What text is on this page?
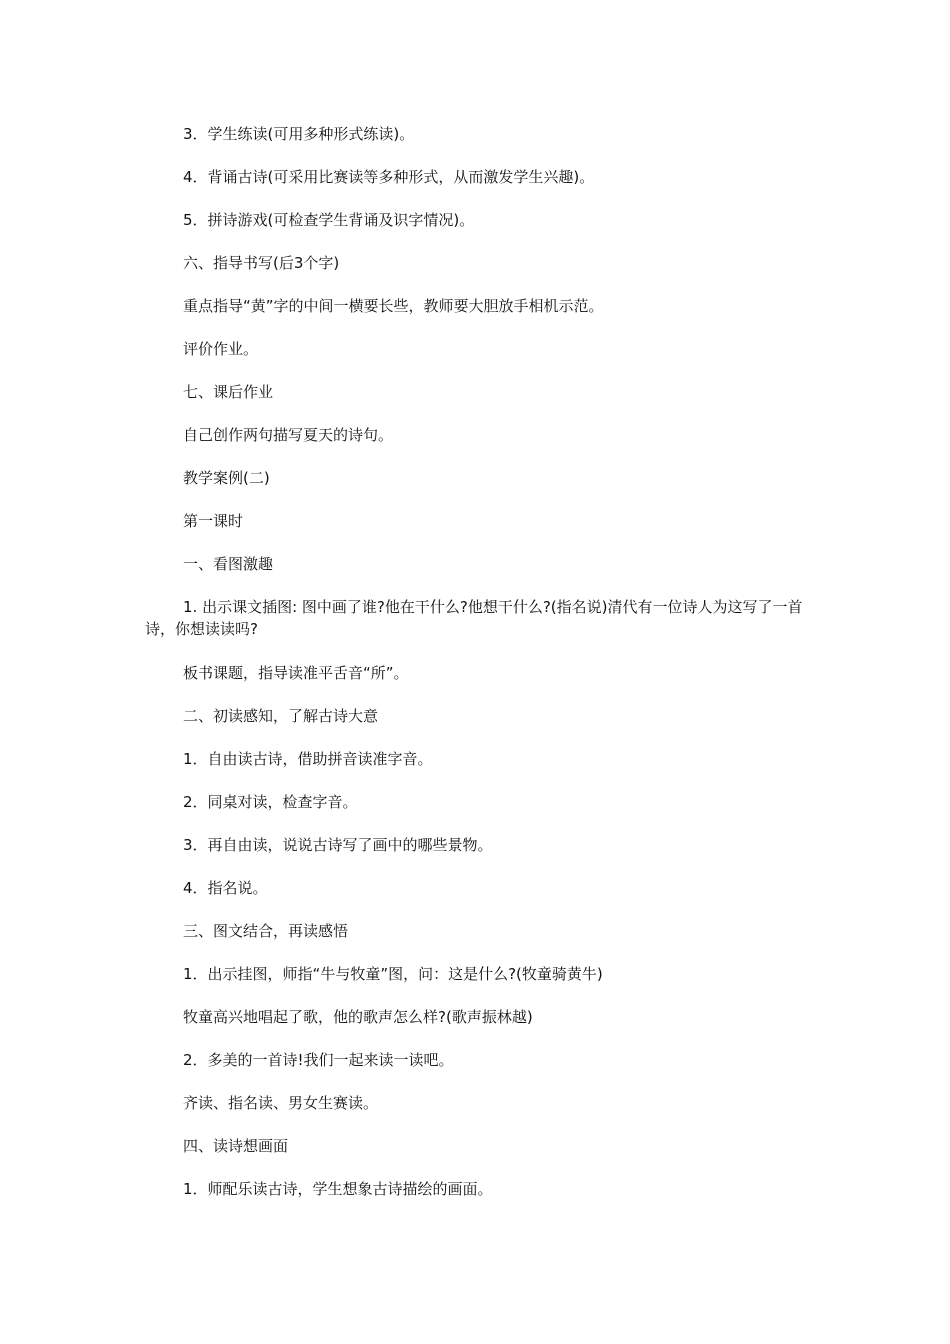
3．学生练读(可用多种形式练读)。

4．背诵古诗(可采用比赛读等多种形式，从而激发学生兴趣)。

5．拼诗游戏(可检查学生背诵及识字情况)。

六、指导书写(后3个字)

重点指导“黄”字的中间一横要长些，教师要大胆放手相机示范。

评价作业。

七、课后作业

自己创作两句描写夏天的诗句。

教学案例(二)

第一课时

一、看图激趣

1. 出示课文插图: 图中画了谁?他在干什么?他想干什么?(指名说)清代有一位诗人为这写了一首诗，你想读读吗?

板书课题，指导读准平舌音“所”。

二、初读感知，了解古诗大意

1．自由读古诗，借助拼音读准字音。

2．同桌对读，检查字音。

3．再自由读，说说古诗写了画中的哪些景物。

4．指名说。

三、图文结合，再读感悟

1．出示挂图，师指“牛与牧童”图，问：这是什么?(牧童骑黄牛)

牧童高兴地唱起了歌，他的歌声怎么样?(歌声振林越)

2．多美的一首诗!我们一起来读一读吧。

齐读、指名读、男女生赛读。

四、读诗想画面

1．师配乐读古诗，学生想象古诗描绘的画面。
